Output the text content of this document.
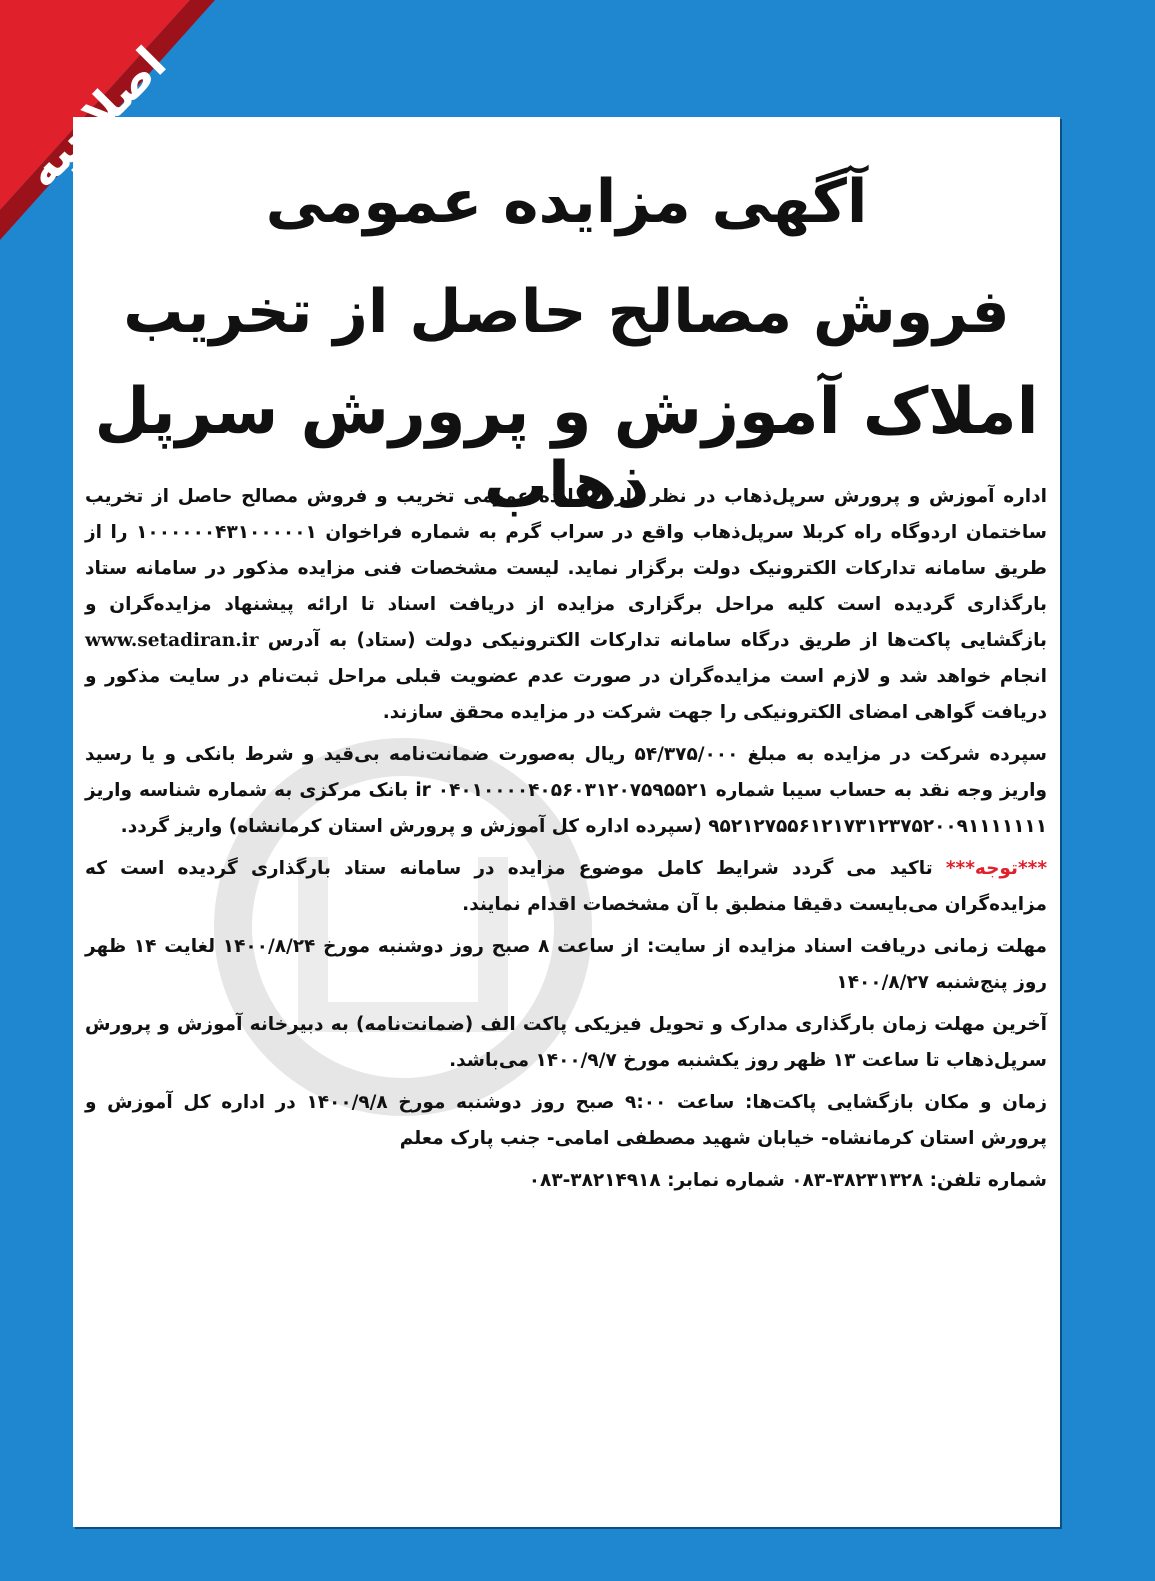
آگهی مزایده عمومی
فروش مصالح حاصل از تخریب
املاک آموزش و پرورش سرپل ذهاب

اداره آموزش و پرورش سرپل‌ذهاب در نظر دارد مزایده عمومی تخریب و فروش مصالح حاصل از تخریب ساختمان اردوگاه راه کربلا سرپل‌ذهاب واقع در سراب گرم به شماره فراخوان ۱۰۰۰۰۰۰۴۳۱۰۰۰۰۰۱ را از طریق سامانه تدارکات الکترونیک دولت برگزار نماید. لیست مشخصات فنی مزایده مذکور در سامانه ستاد بارگذاری گردیده است کلیه مراحل برگزاری مزایده از دریافت اسناد تا ارائه پیشنهاد مزایده‌گران و بازگشایی پاکت‌ها از طریق درگاه سامانه تدارکات الکترونیکی دولت (ستاد) به آدرس www.setadiran.ir انجام خواهد شد و لازم است مزایده‌گران در صورت عدم عضویت قبلی مراحل ثبت‌نام در سایت مذکور و دریافت گواهی امضای الکترونیکی را جهت شرکت در مزایده محقق سازند.

سپرده شرکت در مزایده به مبلغ ۵۴/۳۷۵/۰۰۰ ریال به‌صورت ضمانت‌نامه بی‌قید و شرط بانکی و یا رسید واریز وجه نقد به حساب سیبا شماره ir ۰۴۰۱۰۰۰۰۴۰۵۶۰۳۱۲۰۷۵۹۵۵۲۱ بانک مرکزی به شماره شناسه واریز ۹۵۲۱۲۷۵۵۶۱۲۱۷۳۱۲۳۷۵۲۰۰۹۱۱۱۱۱۱۱ (سپرده اداره کل آموزش و پرورش استان کرمانشاه) واریز گردد.

***توجه*** تاکید می گردد شرایط کامل موضوع مزایده در سامانه ستاد بارگذاری گردیده است که مزایده‌گران می‌بایست دقیقا منطبق با آن مشخصات اقدام نمایند.

مهلت زمانی دریافت اسناد مزایده از سایت: از ساعت ۸ صبح روز دوشنبه مورخ ۱۴۰۰/۸/۲۴ لغایت ۱۴ ظهر روز پنج‌شنبه ۱۴۰۰/۸/۲۷

آخرین مهلت زمان بارگذاری مدارک و تحویل فیزیکی پاکت الف (ضمانت‌نامه) به دبیرخانه آموزش و پرورش سرپل‌ذهاب تا ساعت ۱۳ ظهر روز یکشنبه مورخ ۱۴۰۰/۹/۷ می‌باشد.

زمان و مکان بازگشایی پاکت‌ها: ساعت ۹:۰۰ صبح روز دوشنبه مورخ ۱۴۰۰/۹/۸ در اداره کل آموزش و پرورش استان کرمانشاه- خیابان شهید مصطفی امامی- جنب پارک معلم

شماره تلفن: ۳۸۲۳۱۳۲۸-۰۸۳ شماره نمابر: ۳۸۲۱۴۹۱۸-۰۸۳
